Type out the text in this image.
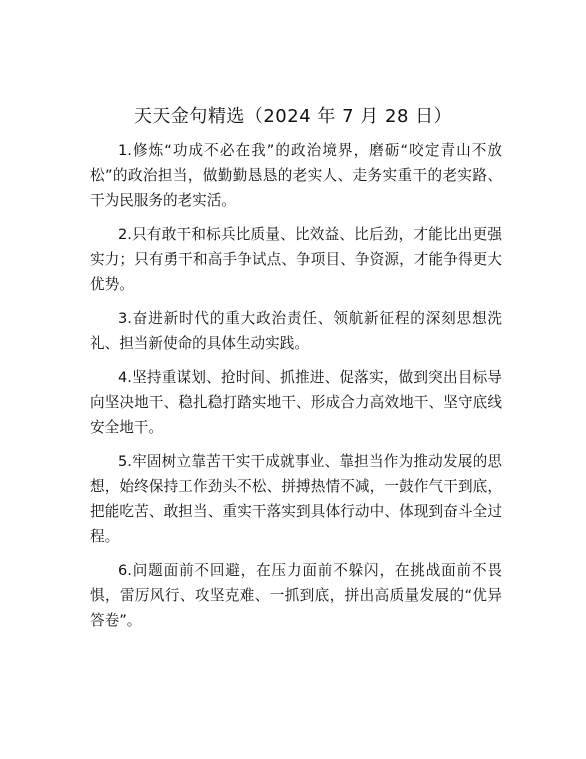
天天金句精选（2024 年 7 月 28 日）

1.修炼“功成不必在我”的政治境界，磨砺“咬定青山不放松”的政治担当，做勤勤恳恳的老实人、走务实重干的老实路、干为民服务的老实活。

2.只有敢干和标兵比质量、比效益、比后劲，才能比出更强实力；只有勇干和高手争试点、争项目、争资源，才能争得更大优势。

3.奋进新时代的重大政治责任、领航新征程的深刻思想洗礼、担当新使命的具体生动实践。

4.坚持重谋划、抢时间、抓推进、促落实，做到突出目标导向坚决地干、稳扎稳打踏实地干、形成合力高效地干、坚守底线安全地干。

5.牢固树立靠苦干实干成就事业、靠担当作为推动发展的思想，始终保持工作劲头不松、拼搏热情不减，一鼓作气干到底，把能吃苦、敢担当、重实干落实到具体行动中、体现到奋斗全过程。

6.问题面前不回避，在压力面前不躲闪，在挑战面前不畏惧，雷厉风行、攻坚克难、一抓到底，拼出高质量发展的“优异答卷”。
